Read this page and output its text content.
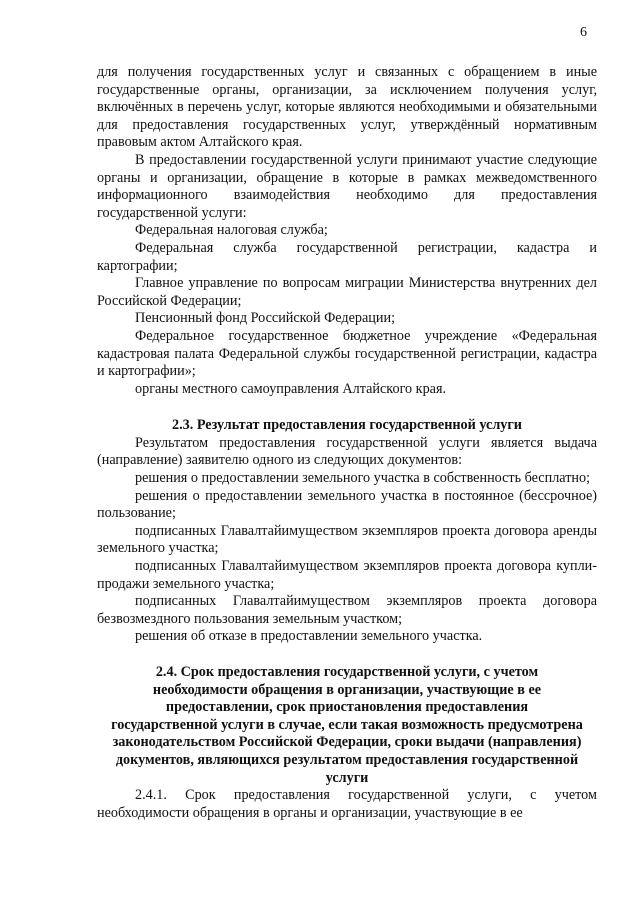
6

для получения государственных услуг и связанных с обращением в иные государственные органы, организации, за исключением получения услуг, включённых в перечень услуг, которые являются необходимыми и обязательными для предоставления государственных услуг, утверждённый нормативным правовым актом Алтайского края.

В предоставлении государственной услуги принимают участие следующие органы и организации, обращение в которые в рамках межведомственного информационного взаимодействия необходимо для предоставления государственной услуги:

Федеральная налоговая служба;

Федеральная служба государственной регистрации, кадастра и картографии;

Главное управление по вопросам миграции Министерства внутренних дел Российской Федерации;

Пенсионный фонд Российской Федерации;

Федеральное государственное бюджетное учреждение «Федеральная кадастровая палата Федеральной службы государственной регистрации, кадастра и картографии»;

органы местного самоуправления Алтайского края.

2.3. Результат предоставления государственной услуги

Результатом предоставления государственной услуги является выдача (направление) заявителю одного из следующих документов:

решения о предоставлении земельного участка в собственность бесплатно;

решения о предоставлении земельного участка в постоянное (бессрочное) пользование;

подписанных Главалтайимуществом экземпляров проекта договора аренды земельного участка;

подписанных Главалтайимуществом экземпляров проекта договора купли-продажи земельного участка;

подписанных Главалтайимуществом экземпляров проекта договора безвозмездного пользования земельным участком;

решения об отказе в предоставлении земельного участка.

2.4. Срок предоставления государственной услуги, с учетом необходимости обращения в организации, участвующие в ее предоставлении, срок приостановления предоставления государственной услуги в случае, если такая возможность предусмотрена законодательством Российской Федерации, сроки выдачи (направления) документов, являющихся результатом предоставления государственной услуги

2.4.1. Срок предоставления государственной услуги, с учетом необходимости обращения в органы и организации, участвующие в ее
